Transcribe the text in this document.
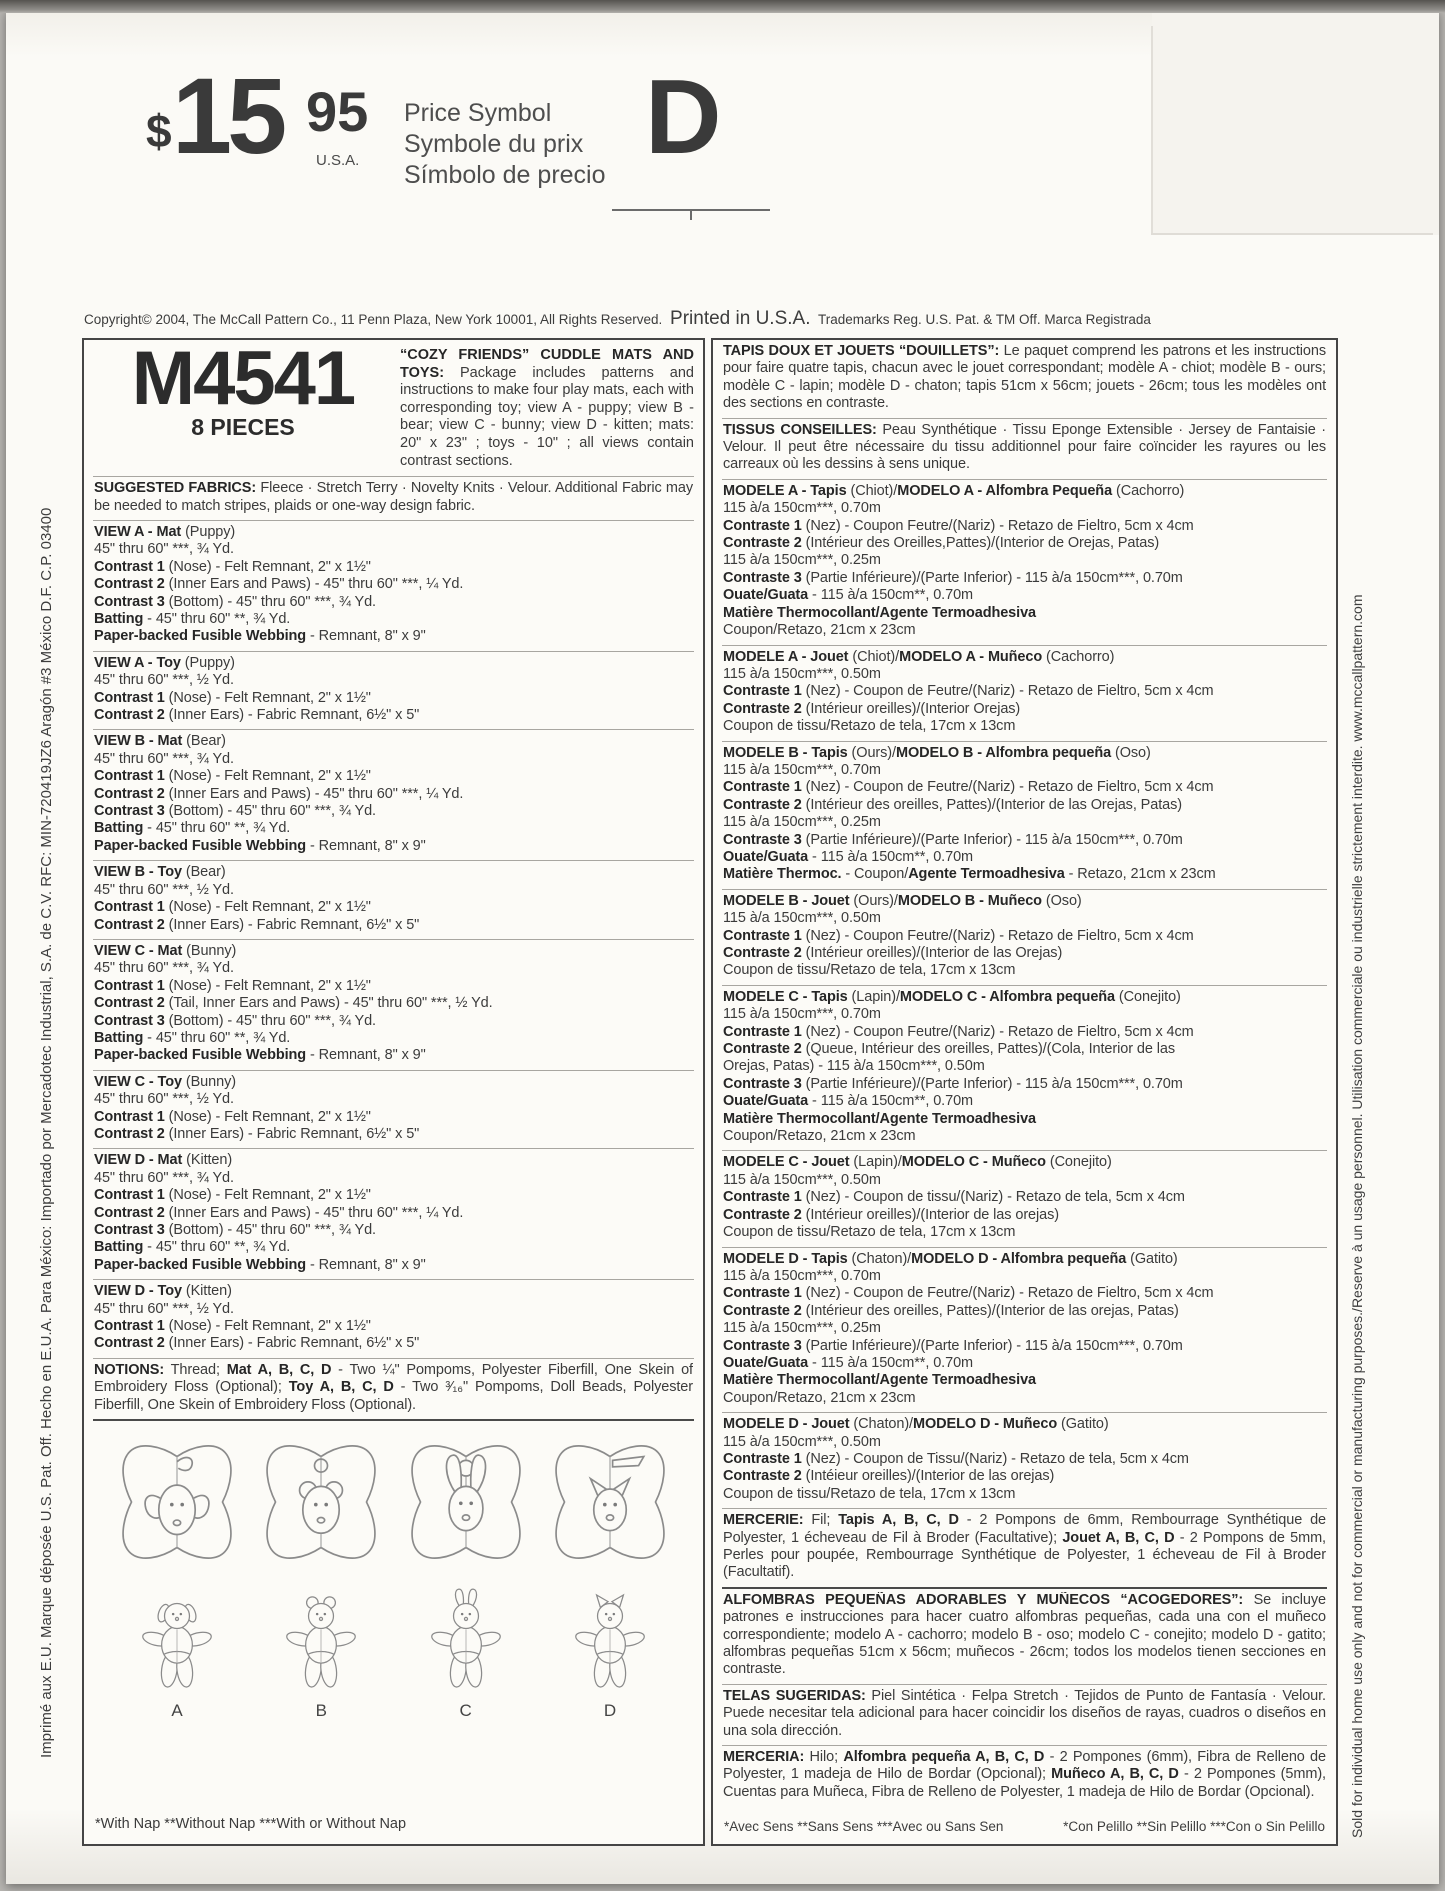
$ 15 95
U.S.A.
Price Symbol
Symbole du prix
Símbolo de precio D
Copyright© 2004, The McCall Pattern Co., 11 Penn Plaza, New York 10001, All Rights Reserved. Printed in U.S.A. Trademarks Reg. U.S. Pat. & TM Off. Marca Registrada
M4541
8 PIECES
“COZY FRIENDS” CUDDLE MATS AND TOYS: Package includes patterns and instructions to make four play mats, each with corresponding toy; view A - puppy; view B - bear; view C - bunny; view D - kitten; mats: 20" x 23" ; toys - 10" ; all views contain contrast sections.
SUGGESTED FABRICS: Fleece · Stretch Terry · Novelty Knits · Velour. Additional Fabric may be needed to match stripes, plaids or one-way design fabric.
VIEW A - Mat (Puppy)
45" thru 60" ***, ¾ Yd.
Contrast 1 (Nose) - Felt Remnant, 2" x 1½"
Contrast 2 (Inner Ears and Paws) - 45" thru 60" ***, ¼ Yd.
Contrast 3 (Bottom) - 45" thru 60" ***, ¾ Yd.
Batting - 45" thru 60" **, ¾ Yd.
Paper-backed Fusible Webbing - Remnant, 8" x 9"
VIEW A - Toy (Puppy)
45" thru 60" ***, ½ Yd.
Contrast 1 (Nose) - Felt Remnant, 2" x 1½"
Contrast 2 (Inner Ears) - Fabric Remnant, 6½" x 5"
VIEW B - Mat (Bear)
45" thru 60" ***, ¾ Yd.
Contrast 1 (Nose) - Felt Remnant, 2" x 1½"
Contrast 2 (Inner Ears and Paws) - 45" thru 60" ***, ¼ Yd.
Contrast 3 (Bottom) - 45" thru 60" ***, ¾ Yd.
Batting - 45" thru 60" **, ¾ Yd.
Paper-backed Fusible Webbing - Remnant, 8" x 9"
VIEW B - Toy (Bear)
45" thru 60" ***, ½ Yd.
Contrast 1 (Nose) - Felt Remnant, 2" x 1½"
Contrast 2 (Inner Ears) - Fabric Remnant, 6½" x 5"
VIEW C - Mat (Bunny)
45" thru 60" ***, ¾ Yd.
Contrast 1 (Nose) - Felt Remnant, 2" x 1½"
Contrast 2 (Tail, Inner Ears and Paws) - 45" thru 60" ***, ½ Yd.
Contrast 3 (Bottom) - 45" thru 60" ***, ¾ Yd.
Batting - 45" thru 60" **, ¾ Yd.
Paper-backed Fusible Webbing - Remnant, 8" x 9"
VIEW C - Toy (Bunny)
45" thru 60" ***, ½ Yd.
Contrast 1 (Nose) - Felt Remnant, 2" x 1½"
Contrast 2 (Inner Ears) - Fabric Remnant, 6½" x 5"
VIEW D - Mat (Kitten)
45" thru 60" ***, ¾ Yd.
Contrast 1 (Nose) - Felt Remnant, 2" x 1½"
Contrast 2 (Inner Ears and Paws) - 45" thru 60" ***, ¼ Yd.
Contrast 3 (Bottom) - 45" thru 60" ***, ¾ Yd.
Batting - 45" thru 60" **, ¾ Yd.
Paper-backed Fusible Webbing - Remnant, 8" x 9"
VIEW D - Toy (Kitten)
45" thru 60" ***, ½ Yd.
Contrast 1 (Nose) - Felt Remnant, 2" x 1½"
Contrast 2 (Inner Ears) - Fabric Remnant, 6½" x 5"
NOTIONS: Thread; Mat A, B, C, D - Two ¼" Pompoms, Polyester Fiberfill, One Skein of Embroidery Floss (Optional); Toy A, B, C, D - Two ³⁄₁₆" Pompoms, Doll Beads, Polyester Fiberfill, One Skein of Embroidery Floss (Optional).
A	B	C	D
*With Nap **Without Nap ***With or Without Nap
TAPIS DOUX ET JOUETS “DOUILLETS”: Le paquet comprend les patrons et les instructions pour faire quatre tapis, chacun avec le jouet correspondant; modèle A - chiot; modèle B - ours; modèle C - lapin; modèle D - chaton; tapis 51cm x 56cm; jouets - 26cm; tous les modèles ont des sections en contraste.
TISSUS CONSEILLES: Peau Synthétique · Tissu Eponge Extensible · Jersey de Fantaisie · Velour. Il peut être nécessaire du tissu additionnel pour faire coïncider les rayures ou les carreaux où les dessins à sens unique.
MODELE A - Tapis (Chiot)/MODELO A - Alfombra Pequeña (Cachorro)
115 à/a 150cm***, 0.70m
Contraste 1 (Nez) - Coupon Feutre/(Nariz) - Retazo de Fieltro, 5cm x 4cm
Contraste 2 (Intérieur des Oreilles,Pattes)/(Interior de Orejas, Patas)
115 à/a 150cm***, 0.25m
Contraste 3 (Partie Inférieure)/(Parte Inferior) - 115 à/a 150cm***, 0.70m
Ouate/Guata - 115 à/a 150cm**, 0.70m
Matière Thermocollant/Agente Termoadhesiva
Coupon/Retazo, 21cm x 23cm
MODELE A - Jouet (Chiot)/MODELO A - Muñeco (Cachorro)
115 à/a 150cm***, 0.50m
Contraste 1 (Nez) - Coupon de Feutre/(Nariz) - Retazo de Fieltro, 5cm x 4cm
Contraste 2 (Intérieur oreilles)/(Interior Orejas)
Coupon de tissu/Retazo de tela, 17cm x 13cm
MODELE B - Tapis (Ours)/MODELO B - Alfombra pequeña (Oso)
115 à/a 150cm***, 0.70m
Contraste 1 (Nez) - Coupon de Feutre/(Nariz) - Retazo de Fieltro, 5cm x 4cm
Contraste 2 (Intérieur des oreilles, Pattes)/(Interior de las Orejas, Patas)
115 à/a 150cm***, 0.25m
Contraste 3 (Partie Inférieure)/(Parte Inferior) - 115 à/a 150cm***, 0.70m
Ouate/Guata - 115 à/a 150cm**, 0.70m
Matière Thermoc. - Coupon/Agente Termoadhesiva - Retazo, 21cm x 23cm
MODELE B - Jouet (Ours)/MODELO B - Muñeco (Oso)
115 à/a 150cm***, 0.50m
Contraste 1 (Nez) - Coupon Feutre/(Nariz) - Retazo de Fieltro, 5cm x 4cm
Contraste 2 (Intérieur oreilles)/(Interior de las Orejas)
Coupon de tissu/Retazo de tela, 17cm x 13cm
MODELE C - Tapis (Lapin)/MODELO C - Alfombra pequeña (Conejito)
115 à/a 150cm***, 0.70m
Contraste 1 (Nez) - Coupon Feutre/(Nariz) - Retazo de Fieltro, 5cm x 4cm
Contraste 2 (Queue, Intérieur des oreilles, Pattes)/(Cola, Interior de las
Orejas, Patas) - 115 à/a 150cm***, 0.50m
Contraste 3 (Partie Inférieure)/(Parte Inferior) - 115 à/a 150cm***, 0.70m
Ouate/Guata - 115 à/a 150cm**, 0.70m
Matière Thermocollant/Agente Termoadhesiva
Coupon/Retazo, 21cm x 23cm
MODELE C - Jouet (Lapin)/MODELO C - Muñeco (Conejito)
115 à/a 150cm***, 0.50m
Contraste 1 (Nez) - Coupon de tissu/(Nariz) - Retazo de tela, 5cm x 4cm
Contraste 2 (Intérieur oreilles)/(Interior de las orejas)
Coupon de tissu/Retazo de tela, 17cm x 13cm
MODELE D - Tapis (Chaton)/MODELO D - Alfombra pequeña (Gatito)
115 à/a 150cm***, 0.70m
Contraste 1 (Nez) - Coupon de Feutre/(Nariz) - Retazo de Fieltro, 5cm x 4cm
Contraste 2 (Intérieur des oreilles, Pattes)/(Interior de las orejas, Patas)
115 à/a 150cm***, 0.25m
Contraste 3 (Partie Inférieure)/(Parte Inferior) - 115 à/a 150cm***, 0.70m
Ouate/Guata - 115 à/a 150cm**, 0.70m
Matière Thermocollant/Agente Termoadhesiva
Coupon/Retazo, 21cm x 23cm
MODELE D - Jouet (Chaton)/MODELO D - Muñeco (Gatito)
115 à/a 150cm***, 0.50m
Contraste 1 (Nez) - Coupon de Tissu/(Nariz) - Retazo de tela, 5cm x 4cm
Contraste 2 (Intéieur oreilles)/(Interior de las orejas)
Coupon de tissu/Retazo de tela, 17cm x 13cm
MERCERIE: Fil; Tapis A, B, C, D - 2 Pompons de 6mm, Rembourrage Synthétique de Polyester, 1 écheveau de Fil à Broder (Facultative); Jouet A, B, C, D - 2 Pompons de 5mm, Perles pour poupée, Rembourrage Synthétique de Polyester, 1 écheveau de Fil à Broder (Facultatif).
ALFOMBRAS PEQUEÑAS ADORABLES Y MUÑECOS “ACOGEDORES”: Se incluye patrones e instrucciones para hacer cuatro alfombras pequeñas, cada una con el muñeco correspondiente; modelo A - cachorro; modelo B - oso; modelo C - conejito; modelo D - gatito; alfombras pequeñas 51cm x 56cm; muñecos - 26cm; todos los modelos tienen secciones en contraste.
TELAS SUGERIDAS: Piel Sintética · Felpa Stretch · Tejidos de Punto de Fantasía · Velour. Puede necesitar tela adicional para hacer coincidir los diseños de rayas, cuadros o diseños en una sola dirección.
MERCERIA: Hilo; Alfombra pequeña A, B, C, D - 2 Pompones (6mm), Fibra de Relleno de Polyester, 1 madeja de Hilo de Bordar (Opcional); Muñeco A, B, C, D - 2 Pompones (5mm), Cuentas para Muñeca, Fibra de Relleno de Polyester, 1 madeja de Hilo de Bordar (Opcional).
*Avec Sens **Sans Sens ***Avec ou Sans Sen	*Con Pelillo **Sin Pelillo ***Con o Sin Pelillo
Imprimé aux E.U. Marque déposée U.S. Pat. Off. Hecho en E.U.A. Para México: Importado por Mercadotec Industrial, S.A. de C.V. RFC: MIN-720419JZ6 Aragón #3 México D.F. C.P. 03400	Sold for individual home use only and not for commercial or manufacturing purposes./Reserve à un usage personnel. Utilisation commerciale ou industrielle strictement interdite. www.mccallpattern.com
